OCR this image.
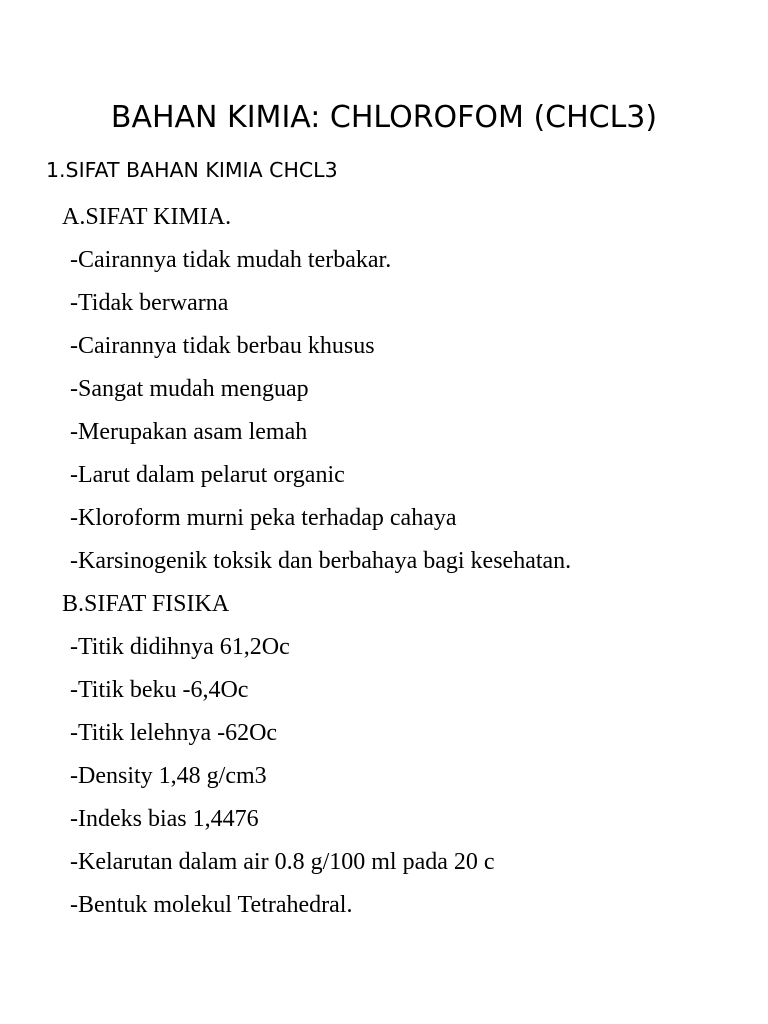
BAHAN KIMIA: CHLOROFOM (CHCL3)
1.SIFAT BAHAN KIMIA CHCL3
A.SIFAT KIMIA.
-Cairannya tidak mudah terbakar.
-Tidak berwarna
-Cairannya tidak berbau khusus
-Sangat mudah menguap
-Merupakan asam lemah
-Larut dalam pelarut organic
-Kloroform murni peka terhadap cahaya
-Karsinogenik toksik dan berbahaya bagi kesehatan.
B.SIFAT FISIKA
-Titik didihnya 61,2Oc
-Titik beku -6,4Oc
-Titik lelehnya -62Oc
-Density 1,48 g/cm3
-Indeks bias 1,4476
-Kelarutan dalam air 0.8 g/100 ml pada 20 c
-Bentuk molekul Tetrahedral.
